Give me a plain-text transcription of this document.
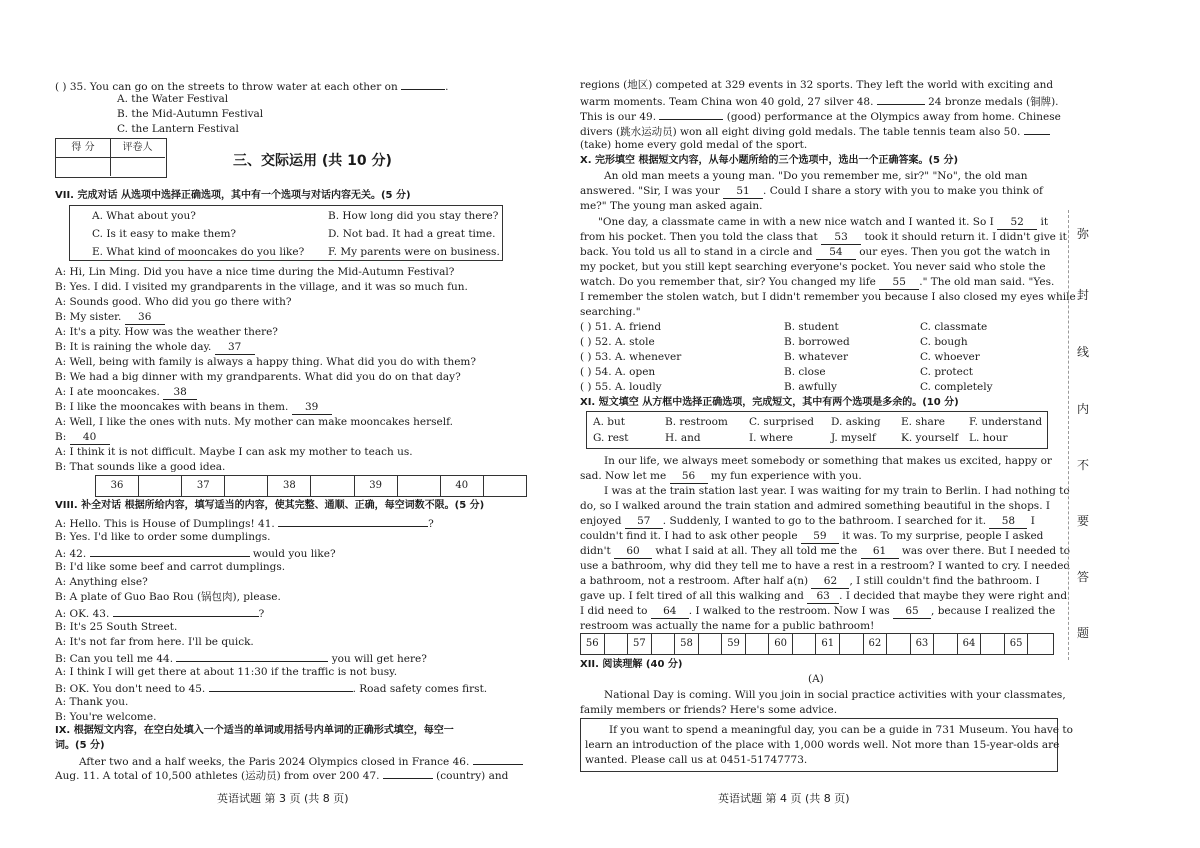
( ) 35. You can go on the streets to throw water at each other on	.
A. the Water Festival
B. the Mid-Autumn Festival
C. the Lantern Festival
得 分	评卷人
三、交际运用 (共 10 分)
VII. 完成对话 从选项中选择正确选项，其中有一个选项与对话内容无关。(5 分)
A. What about you?	B. How long did you stay there?
C. Is it easy to make them?	D. Not bad. It had a great time.
E. What kind of mooncakes do you like? F. My parents were on business.
A: Hi, Lin Ming. Did you have a nice time during the Mid-Autumn Festival?
B: Yes. I did. I visited my grandparents in the village, and it was so much fun.
A: Sounds good. Who did you go there with?
B: My sister. 36
A: It's a pity. How was the weather there?
B: It is raining the whole day. 37
A: Well, being with family is always a happy thing. What did you do with them?
B: We had a big dinner with my grandparents. What did you do on that day?
A: I ate mooncakes. 38
B: I like the mooncakes with beans in them. 39
A: Well, I like the ones with nuts. My mother can make mooncakes herself.
B: 40
A: I think it is not difficult. Maybe I can ask my mother to teach us.
B: That sounds like a good idea.
36	37	38	39	40
VIII. 补全对话 根据所给内容，填写适当的内容，使其完整、通顺、正确，每空词数不限。(5 分)
A: Hello. This is House of Dumplings! 41.	?
B: Yes. I'd like to order some dumplings.
A: 42.	would you like?
B: I'd like some beef and carrot dumplings.
A: Anything else?
B: A plate of Guo Bao Rou (锅包肉), please.
A: OK. 43.	?
B: It's 25 South Street.
A: It's not far from here. I'll be quick.
B: Can you tell me 44.	you will get here?
A: I think I will get there at about 11:30 if the traffic is not busy.
B: OK. You don't need to 45.	. Road safety comes first.
A: Thank you.
B: You're welcome.
IX. 根据短文内容，在空白处填入一个适当的单词或用括号内单词的正确形式填空，每空一
词。(5 分)
After two and a half weeks, the Paris 2024 Olympics closed in France 46.
Aug. 11. A total of 10,500 athletes (运动员) from over 200 47.	(country) and
英语试题 第 3 页 (共 8 页)
regions (地区) competed at 329 events in 32 sports. They left the world with exciting and
warm moments. Team China won 40 gold, 27 silver 48.	24 bronze medals (铜牌).
This is our 49.	(good) performance at the Olympics away from home. Chinese
divers (跳水运动员) won all eight diving gold medals. The table tennis team also 50.
(take) home every gold medal of the sport.
X. 完形填空 根据短文内容，从每小题所给的三个选项中，选出一个正确答案。(5 分)
An old man meets a young man. "Do you remember me, sir?" "No", the old man
answered. "Sir, I was your 51 . Could I share a story with you to make you think of
me?" The young man asked again.
"One day, a classmate came in with a new nice watch and I wanted it. So I 52 it
from his pocket. Then you told the class that 53 took it should return it. I didn't give it
back. You told us all to stand in a circle and 54 our eyes. Then you got the watch in
my pocket, but you still kept searching everyone's pocket. You never said who stole the
watch. Do you remember that, sir? You changed my life 55 ." The old man said. "Yes.
I remember the stolen watch, but I didn't remember you because I also closed my eyes while
searching."
( ) 51. A. friend	B. student	C. classmate
( ) 52. A. stole	B. borrowed	C. bough
( ) 53. A. whenever	B. whatever	C. whoever
( ) 54. A. open	B. close	C. protect
( ) 55. A. loudly	B. awfully	C. completely
XI. 短文填空 从方框中选择正确选项，完成短文，其中有两个选项是多余的。(10 分)
A. but	B. restroom C. surprised D. asking E. share F. understand
G. rest	H. and	I. where	J. myself K. yourself L. hour
In our life, we always meet somebody or something that makes us excited, happy or
sad. Now let me 56 my fun experience with you.
I was at the train station last year. I was waiting for my train to Berlin. I had nothing to
do, so I walked around the train station and admired something beautiful in the shops. I
enjoyed 57 . Suddenly, I wanted to go to the bathroom. I searched for it. 58 I
couldn't find it. I had to ask other people 59 it was. To my surprise, people I asked
didn't 60 what I said at all. They all told me the 61 was over there. But I needed to
use a bathroom, why did they tell me to have a rest in a restroom? I wanted to cry. I needed
a bathroom, not a restroom. After half a(n) 62 , I still couldn't find the bathroom. I
gave up. I felt tired of all this walking and 63 . I decided that maybe they were right and
I did need to 64 . I walked to the restroom. Now I was 65 , because I realized the
restroom was actually the name for a public bathroom!
56	57	58	59	60	61	62	63	64	65
XII. 阅读理解 (40 分)
(A)
National Day is coming. Will you join in social practice activities with your classmates,
family members or friends? Here's some advice.
If you want to spend a meaningful day, you can be a guide in 731 Museum. You have to
learn an introduction of the place with 1,000 words well. Not more than 15-year-olds are
wanted. Please call us at 0451-51747773.
英语试题 第 4 页 (共 8 页)
弥
封
线
内
不
要
答
题
